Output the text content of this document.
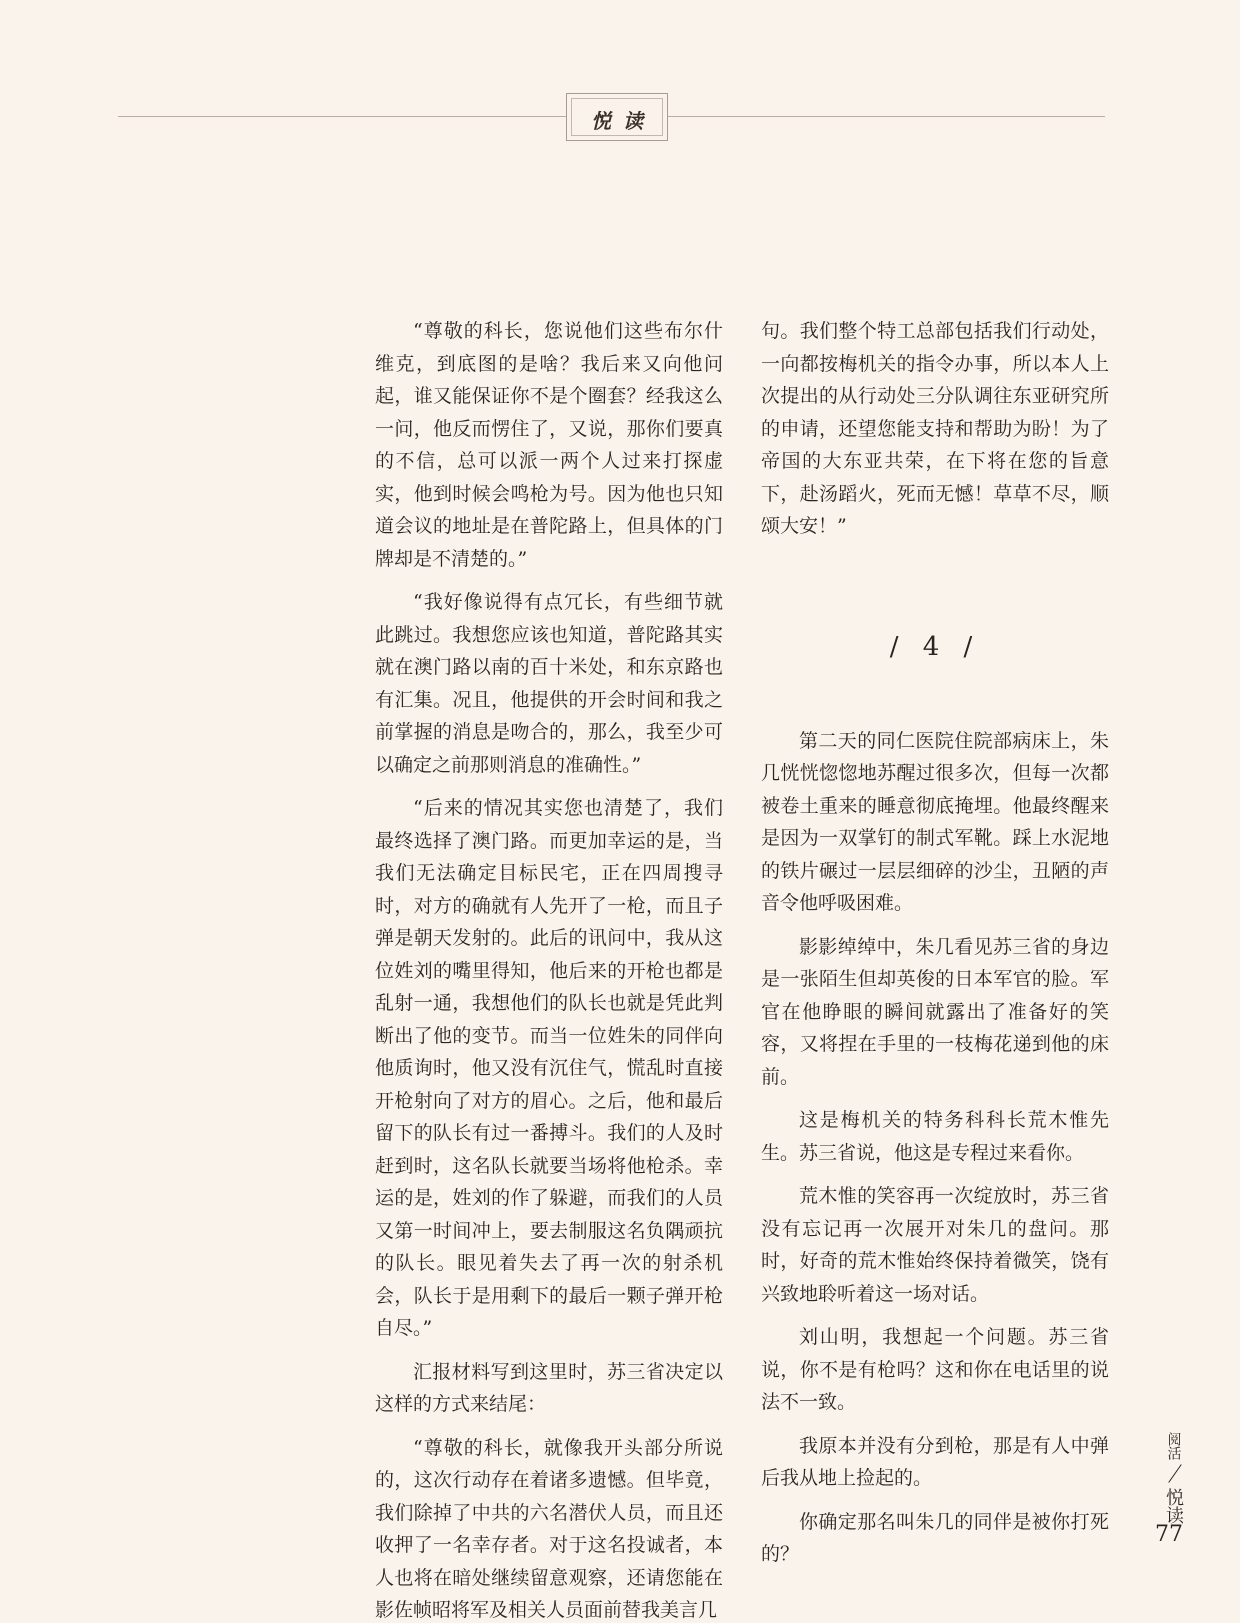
悦读

“尊敬的科长，您说他们这些布尔什维克，到底图的是啥？我后来又向他问起，谁又能保证你不是个圈套？经我这么一问，他反而愣住了，又说，那你们要真的不信，总可以派一两个人过来打探虚实，他到时候会鸣枪为号。因为他也只知道会议的地址是在普陀路上，但具体的门牌却是不清楚的。”

“我好像说得有点冗长，有些细节就此跳过。我想您应该也知道，普陀路其实就在澳门路以南的百十米处，和东京路也有汇集。况且，他提供的开会时间和我之前掌握的消息是吻合的，那么，我至少可以确定之前那则消息的准确性。”

“后来的情况其实您也清楚了，我们最终选择了澳门路。而更加幸运的是，当我们无法确定目标民宅，正在四周搜寻时，对方的确就有人先开了一枪，而且子弹是朝天发射的。此后的讯问中，我从这位姓刘的嘴里得知，他后来的开枪也都是乱射一通，我想他们的队长也就是凭此判断出了他的变节。而当一位姓朱的同伴向他质询时，他又没有沉住气，慌乱时直接开枪射向了对方的眉心。之后，他和最后留下的队长有过一番搏斗。我们的人及时赶到时，这名队长就要当场将他枪杀。幸运的是，姓刘的作了躲避，而我们的人员又第一时间冲上，要去制服这名负隅顽抗的队长。眼见着失去了再一次的射杀机会，队长于是用剩下的最后一颗子弹开枪自尽。”

汇报材料写到这里时，苏三省决定以这样的方式来结尾：

“尊敬的科长，就像我开头部分所说的，这次行动存在着诸多遗憾。但毕竟，我们除掉了中共的六名潜伏人员，而且还收押了一名幸存者。对于这名投诚者，本人也将在暗处继续留意观察，还请您能在影佐帧昭将军及相关人员面前替我美言几

句。我们整个特工总部包括我们行动处，一向都按梅机关的指令办事，所以本人上次提出的从行动处三分队调往东亚研究所的申请，还望您能支持和帮助为盼！为了帝国的大东亚共荣，在下将在您的旨意下，赴汤蹈火，死而无憾！草草不尽，顺颂大安！”

/ 4 /

第二天的同仁医院住院部病床上，朱几恍恍惚惚地苏醒过很多次，但每一次都被卷土重来的睡意彻底掩埋。他最终醒来是因为一双掌钉的制式军靴。踩上水泥地的铁片碾过一层层细碎的沙尘，丑陋的声音令他呼吸困难。

影影绰绰中，朱几看见苏三省的身边是一张陌生但却英俊的日本军官的脸。军官在他睁眼的瞬间就露出了准备好的笑容，又将捏在手里的一枝梅花递到他的床前。

这是梅机关的特务科科长荒木惟先生。苏三省说，他这是专程过来看你。

荒木惟的笑容再一次绽放时，苏三省没有忘记再一次展开对朱几的盘问。那时，好奇的荒木惟始终保持着微笑，饶有兴致地聆听着这一场对话。

刘山明，我想起一个问题。苏三省说，你不是有枪吗？这和你在电话里的说法不一致。

我原本并没有分到枪，那是有人中弹后我从地上捡起的。

你确定那名叫朱几的同伴是被你打死的？

阅活
悦读
77
